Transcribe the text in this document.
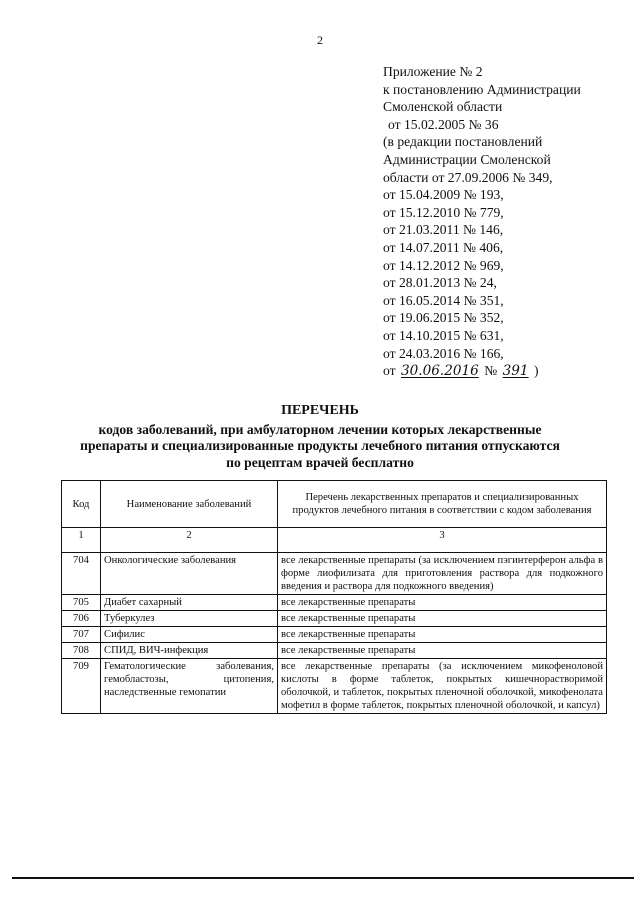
2
Приложение № 2
к постановлению Администрации
Смоленской области
от 15.02.2005 № 36
(в редакции постановлений
Администрации Смоленской
области от 27.09.2006 № 349,
от 15.04.2009 № 193,
от 15.12.2010 № 779,
от 21.03.2011 № 146,
от 14.07.2011 № 406,
от 14.12.2012 № 969,
от 28.01.2013 № 24,
от 16.05.2014 № 351,
от 19.06.2015 № 352,
от 14.10.2015 № 631,
от 24.03.2016 № 166,
от 30.06.2016 № 391 )
ПЕРЕЧЕНЬ
кодов заболеваний, при амбулаторном лечении которых лекарственные
препараты и специализированные продукты лечебного питания отпускаются
по рецептам врачей бесплатно
Код	Наименование заболеваний	Перечень лекарственных препаратов и специализированных продуктов лечебного питания в соответствии с кодом заболевания
1	2	3
704	Онкологические заболевания	все лекарственные препараты (за исключением пэгинтерферон альфа в форме лиофилизата для приготовления раствора для подкожного введения и раствора для подкожного введения)
705	Диабет сахарный	все лекарственные препараты
706	Туберкулез	все лекарственные препараты
707	Сифилис	все лекарственные препараты
708	СПИД, ВИЧ-инфекция	все лекарственные препараты
709	Гематологические заболевания, гемобластозы, цитопения, наследственные гемопатии	все лекарственные препараты (за исключением микофеноловой кислоты в форме таблеток, покрытых кишечнорастворимой оболочкой, и таблеток, покрытых пленочной оболочкой, микофенолата мофетил в форме таблеток, покрытых пленочной оболочкой, и капсул)
